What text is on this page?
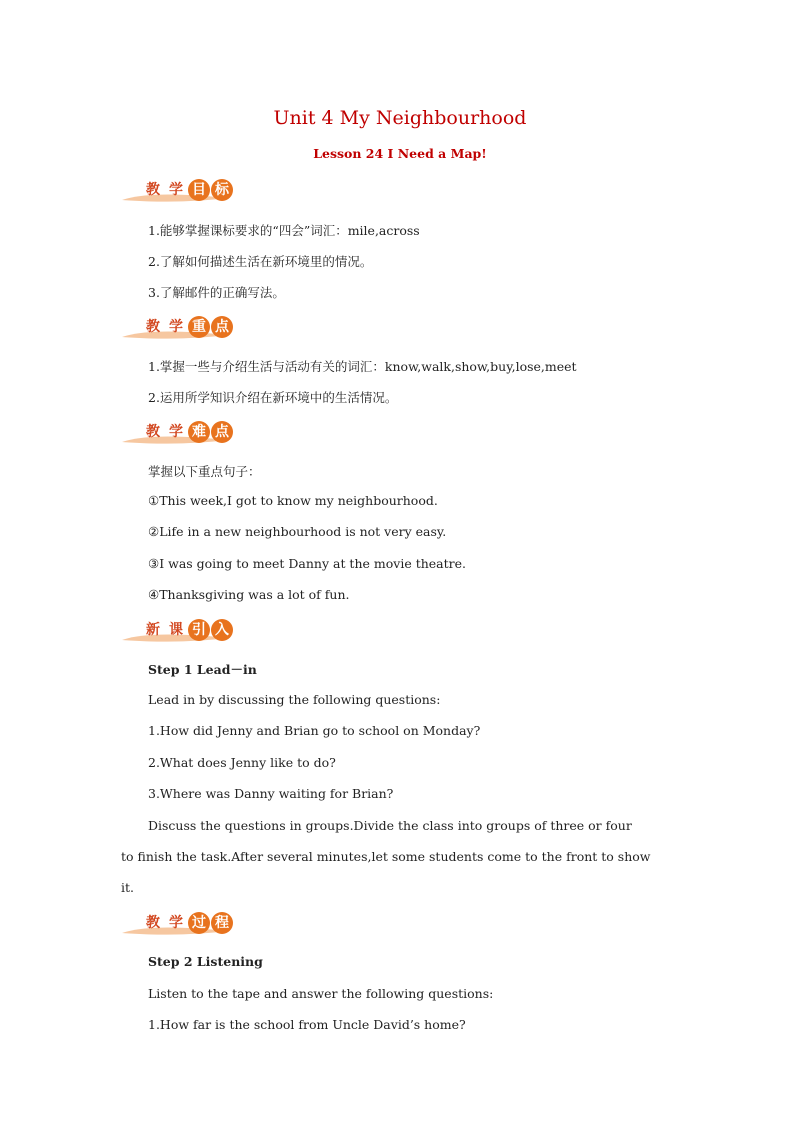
Unit 4 My Neighbourhood
Lesson 24 I Need a Map!
教 学 目 标
1.能够掌握课标要求的“四会”词汇：mile,across
2.了解如何描述生活在新环境里的情况。
3.了解邮件的正确写法。
教 学 重 点
1.掌握一些与介绍生活与活动有关的词汇：know,walk,show,buy,lose,meet
2.运用所学知识介绍在新环境中的生活情况。
教 学 难 点
掌握以下重点句子：
①This week,I got to know my neighbourhood.
②Life in a new neighbourhood is not very easy.
③I was going to meet Danny at the movie theatre.
④Thanksgiving was a lot of fun.
新 课 引 入
Step 1 Lead－in
Lead in by discussing the following questions:
1.How did Jenny and Brian go to school on Monday?
2.What does Jenny like to do?
3.Where was Danny waiting for Brian?
Discuss the questions in groups.Divide the class into groups of three or four
to finish the task.After several minutes,let some students come to the front to show
it.
教 学 过 程
Step 2 Listening
Listen to the tape and answer the following questions:
1.How far is the school from Uncle David’s home?
